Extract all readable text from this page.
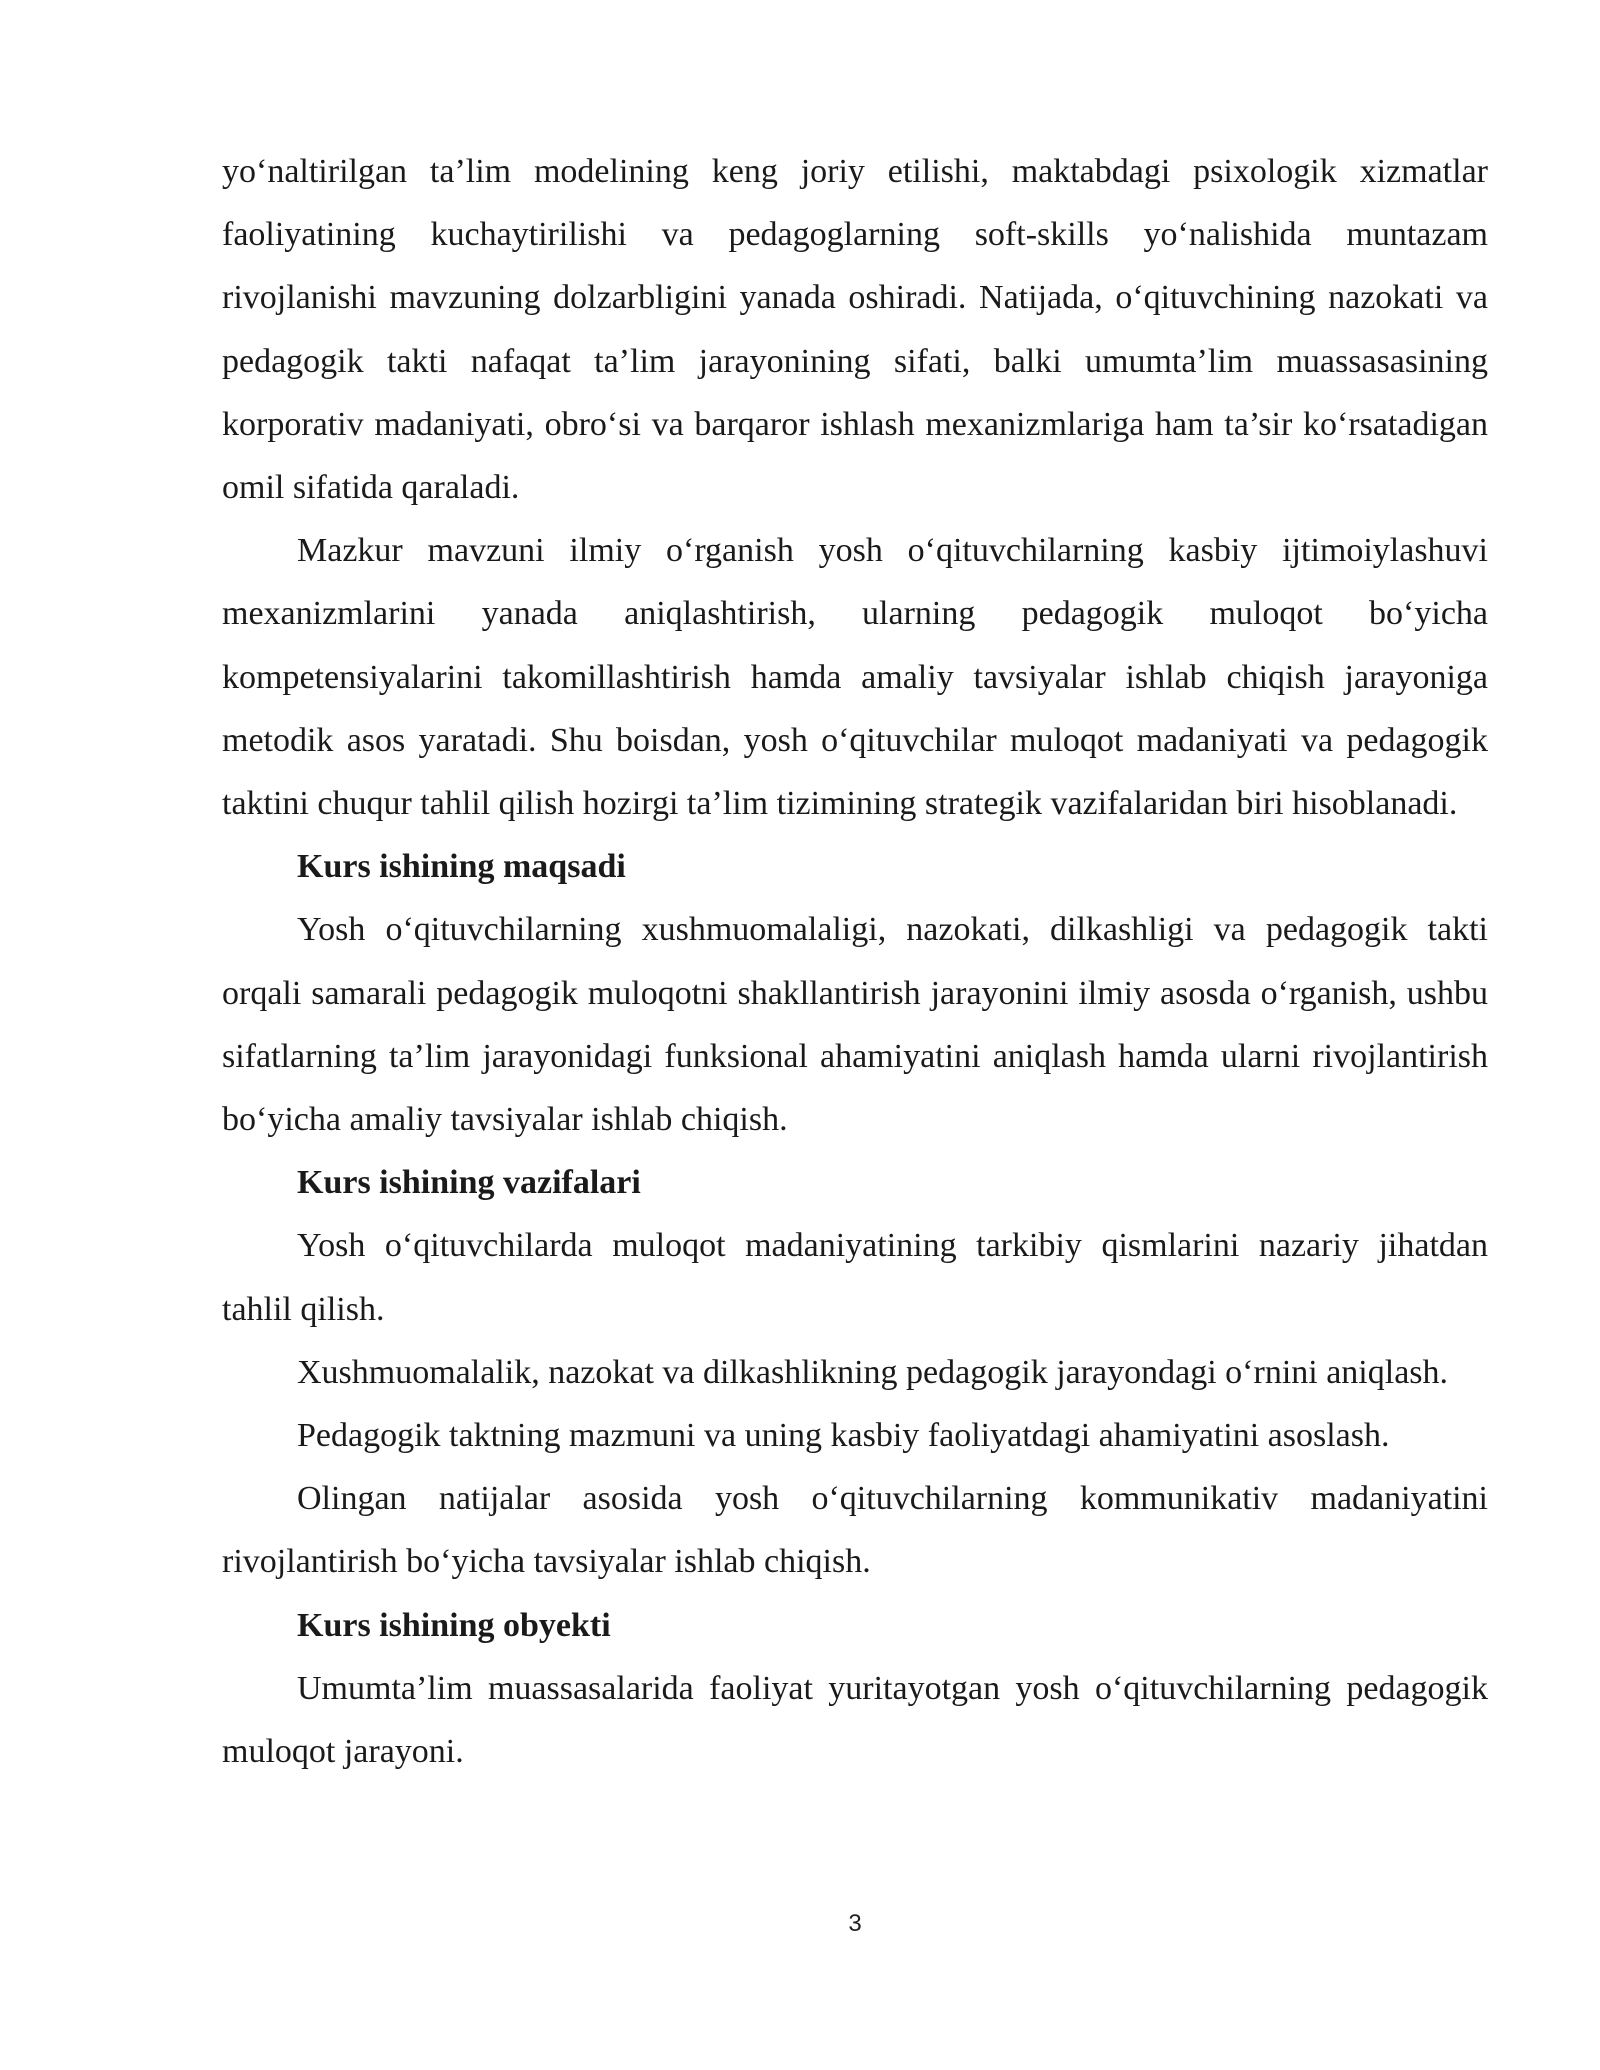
yo‘naltirilgan ta’lim modelining keng joriy etilishi, maktabdagi psixologik xizmatlar faoliyatining kuchaytirilishi va pedagoglarning soft-skills yo‘nalishida muntazam rivojlanishi mavzuning dolzarbligini yanada oshiradi. Natijada, o‘qituvchining nazokati va pedagogik takti nafaqat ta’lim jarayonining sifati, balki umumta’lim muassasasining korporativ madaniyati, obro‘si va barqaror ishlash mexanizmlariga ham ta’sir ko‘rsatadigan omil sifatida qaraladi.

Mazkur mavzuni ilmiy o‘rganish yosh o‘qituvchilarning kasbiy ijtimoiylashuvi mexanizmlarini yanada aniqlashtirish, ularning pedagogik muloqot bo‘yicha kompetensiyalarini takomillashtirish hamda amaliy tavsiyalar ishlab chiqish jarayoniga metodik asos yaratadi. Shu boisdan, yosh o‘qituvchilar muloqot madaniyati va pedagogik taktini chuqur tahlil qilish hozirgi ta’lim tizimining strategik vazifalaridan biri hisoblanadi.

Kurs ishining maqsadi

Yosh o‘qituvchilarning xushmuomalaligi, nazokati, dilkashligi va pedagogik takti orqali samarali pedagogik muloqotni shakllantirish jarayonini ilmiy asosda o‘rganish, ushbu sifatlarning ta’lim jarayonidagi funksional ahamiyatini aniqlash hamda ularni rivojlantirish bo‘yicha amaliy tavsiyalar ishlab chiqish.

Kurs ishining vazifalari

Yosh o‘qituvchilarda muloqot madaniyatining tarkibiy qismlarini nazariy jihatdan tahlil qilish.

Xushmuomalalik, nazokat va dilkashlikning pedagogik jarayondagi o‘rnini aniqlash.

Pedagogik taktning mazmuni va uning kasbiy faoliyatdagi ahamiyatini asoslash.

Olingan natijalar asosida yosh o‘qituvchilarning kommunikativ madaniyatini rivojlantirish bo‘yicha tavsiyalar ishlab chiqish.

Kurs ishining obyekti

Umumta’lim muassasalarida faoliyat yuritayotgan yosh o‘qituvchilarning pedagogik muloqot jarayoni.

3
